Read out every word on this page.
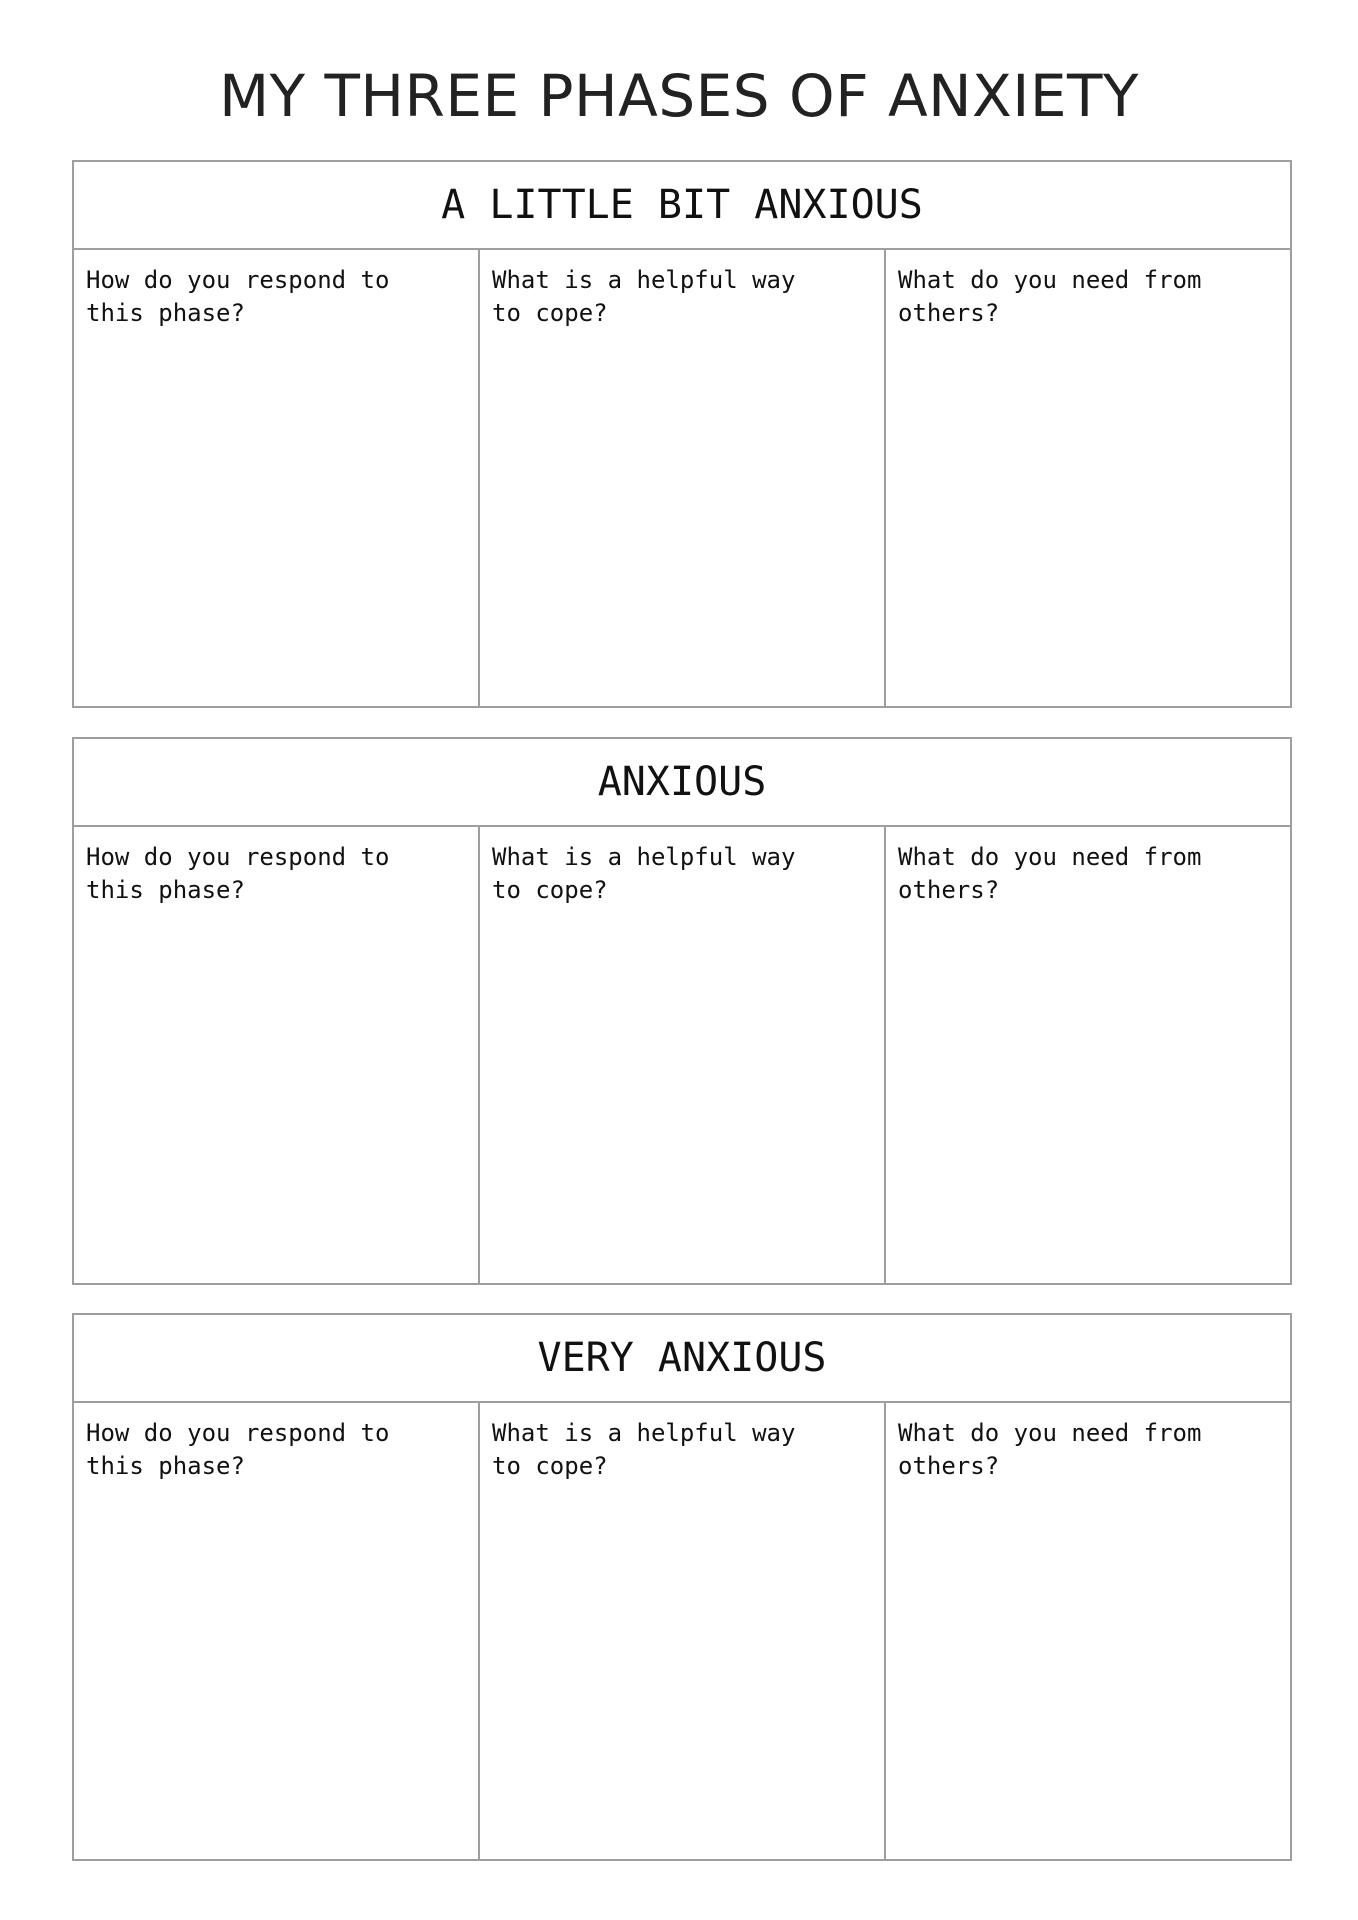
MY THREE PHASES OF ANXIETY
A LITTLE BIT ANXIOUS
How do you respond to this phase?
What is a helpful way to cope?
What do you need from others?
ANXIOUS
How do you respond to this phase?
What is a helpful way to cope?
What do you need from others?
VERY ANXIOUS
How do you respond to this phase?
What is a helpful way to cope?
What do you need from others?
